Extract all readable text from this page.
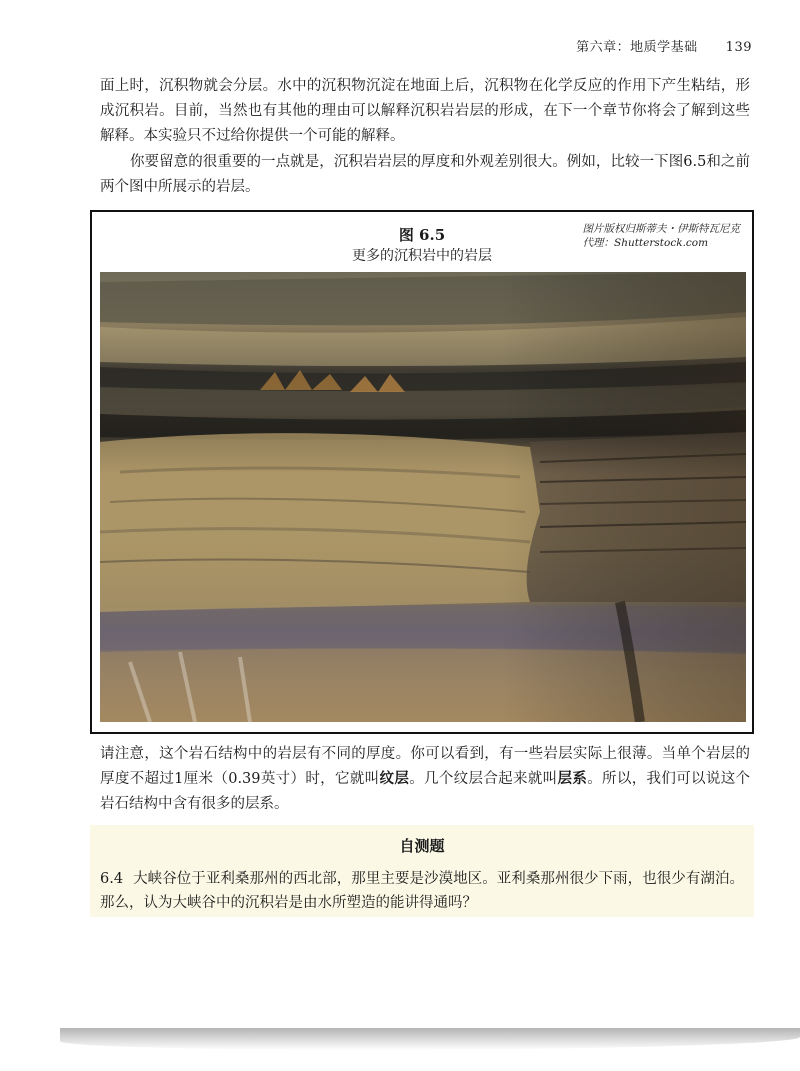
第六章：地质学基础 139
面上时，沉积物就会分层。水中的沉积物沉淀在地面上后，沉积物在化学反应的作用下产生粘结，形成沉积岩。目前，当然也有其他的理由可以解释沉积岩岩层的形成，在下一个章节你将会了解到这些解释。本实验只不过给你提供一个可能的解释。
你要留意的很重要的一点就是，沉积岩岩层的厚度和外观差别很大。例如，比较一下图6.5和之前两个图中所展示的岩层。
图 6.5
更多的沉积岩中的岩层
图片版权归斯蒂夫・伊斯特瓦尼克
代理：Shutterstock.com
请注意，这个岩石结构中的岩层有不同的厚度。你可以看到，有一些岩层实际上很薄。当单个岩层的厚度不超过1厘米（0.39英寸）时，它就叫纹层。几个纹层合起来就叫层系。所以，我们可以说这个岩石结构中含有很多的层系。
自测题
6.4 大峡谷位于亚利桑那州的西北部，那里主要是沙漠地区。亚利桑那州很少下雨，也很少有湖泊。那么，认为大峡谷中的沉积岩是由水所塑造的能讲得通吗？
